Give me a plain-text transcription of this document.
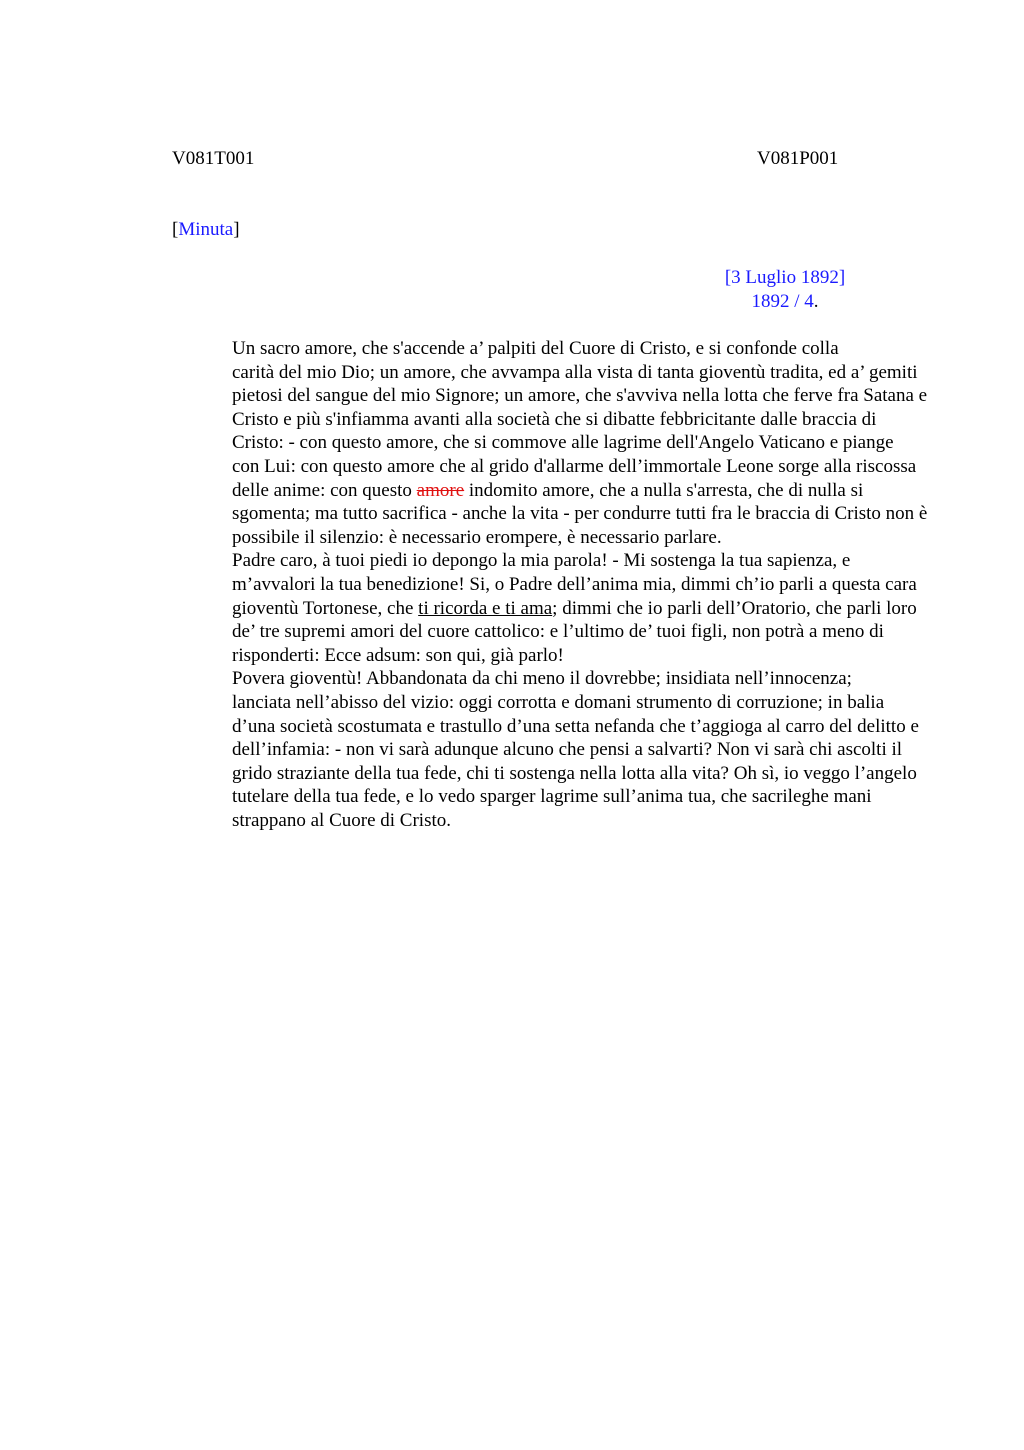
V081T001	V081P001
[Minuta]
[3 Luglio 1892]
1892 / 4.

Un sacro amore, che s'accende a’ palpiti del Cuore di Cristo, e si confonde colla
carità del mio Dio; un amore, che avvampa alla vista di tanta gioventù tradita, ed a’ gemiti
pietosi del sangue del mio Signore; un amore, che s'avviva nella lotta che ferve fra Satana e
Cristo e più s'infiamma avanti alla società che si dibatte febbricitante dalle braccia di
Cristo: - con questo amore, che si commove alle lagrime dell'Angelo Vaticano e piange
con Lui: con questo amore che al grido d'allarme dell’immortale Leone sorge alla riscossa
delle anime: con questo amore indomito amore, che a nulla s'arresta, che di nulla si
sgomenta; ma tutto sacrifica - anche la vita - per condurre tutti fra le braccia di Cristo non è
possibile il silenzio: è necessario erompere, è necessario parlare.

Padre caro, à tuoi piedi io depongo la mia parola! - Mi sostenga la tua sapienza, e
m’avvalori la tua benedizione! Si, o Padre dell’anima mia, dimmi ch’io parli a questa cara
gioventù Tortonese, che ti ricorda e ti ama; dimmi che io parli dell’Oratorio, che parli loro
de’ tre supremi amori del cuore cattolico: e l’ultimo de’ tuoi figli, non potrà a meno di
risponderti: Ecce adsum: son qui, già parlo!

Povera gioventù! Abbandonata da chi meno il dovrebbe; insidiata nell’innocenza;
lanciata nell’abisso del vizio: oggi corrotta e domani strumento di corruzione; in balia
d’una società scostumata e trastullo d’una setta nefanda che t’aggioga al carro del delitto e
dell’infamia: - non vi sarà adunque alcuno che pensi a salvarti? Non vi sarà chi ascolti il
grido straziante della tua fede, chi ti sostenga nella lotta alla vita? Oh sì, io veggo l’angelo
tutelare della tua fede, e lo vedo sparger lagrime sull’anima tua, che sacrileghe mani
strappano al Cuore di Cristo.
